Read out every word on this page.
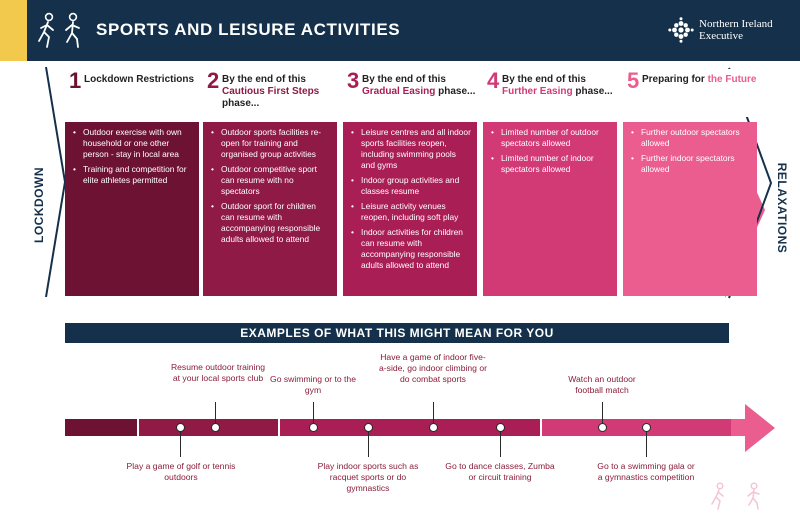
SPORTS AND LEISURE ACTIVITIES	Northern Ireland Executive
LOCKDOWN	RELAXATIONS
1 Lockdown Restrictions
• Outdoor exercise with own household or one other person - stay in local area
• Training and competition for elite athletes permitted
2 By the end of this Cautious First Steps phase...
• Outdoor sports facilities re-open for training and organised group activities
• Outdoor competitive sport can resume with no spectators
• Outdoor sport for children can resume with accompanying responsible adults allowed to attend
3 By the end of this Gradual Easing phase...
• Leisure centres and all indoor sports facilities reopen, including swimming pools and gyms
• Indoor group activities and classes resume
• Leisure activity venues reopen, including soft play
• Indoor activities for children can resume with accompanying responsible adults allowed to attend
4 By the end of this Further Easing phase...
• Limited number of outdoor spectators allowed
• Limited number of indoor spectators allowed
5 Preparing for the Future
• Further outdoor spectators allowed
• Further indoor spectators allowed
EXAMPLES OF WHAT THIS MIGHT MEAN FOR YOU
Resume outdoor training at your local sports club Go swimming or to the gym
Have a game of indoor five-a-side, go indoor climbing or do combat sports	Watch an outdoor football match
Play a game of golf or tennis outdoors
Play indoor sports such as racquet sports or do gymnastics
Go to dance classes, Zumba or circuit training
Go to a swimming gala or a gymnastics competition
